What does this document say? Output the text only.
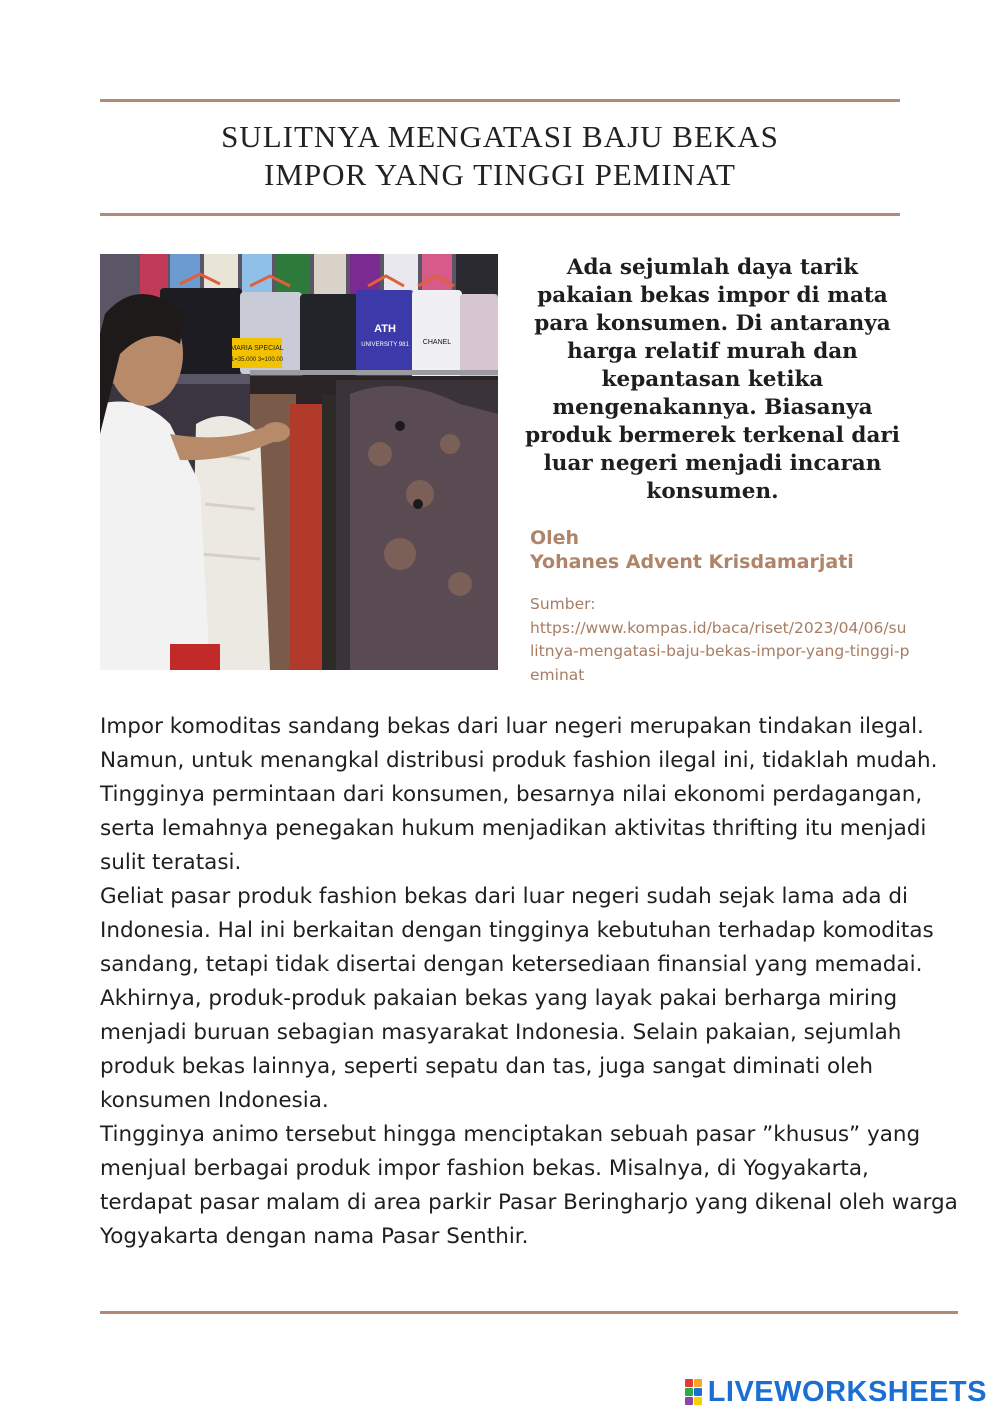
SULITNYA MENGATASI BAJU BEKAS
IMPOR YANG TINGGI PEMINAT
MARIA SPECIAL
1=35.000 3=100.00
ATH
UNIVERSITY 981 CHANEL
Ada sejumlah daya tarik pakaian bekas impor di mata para konsumen. Di antaranya harga relatif murah dan kepantasan ketika mengenakannya. Biasanya produk bermerek terkenal dari luar negeri menjadi incaran konsumen.
Oleh
Yohanes Advent Krisdamarjati
Sumber:
https://www.kompas.id/baca/riset/2023/04/06/sulitnya-mengatasi-baju-bekas-impor-yang-tinggi-peminat

Impor komoditas sandang bekas dari luar negeri merupakan tindakan ilegal. Namun, untuk menangkal distribusi produk fashion ilegal ini, tidaklah mudah. Tingginya permintaan dari konsumen, besarnya nilai ekonomi perdagangan, serta lemahnya penegakan hukum menjadikan aktivitas thrifting itu menjadi sulit teratasi.

Geliat pasar produk fashion bekas dari luar negeri sudah sejak lama ada di Indonesia. Hal ini berkaitan dengan tingginya kebutuhan terhadap komoditas sandang, tetapi tidak disertai dengan ketersediaan finansial yang memadai. Akhirnya, produk-produk pakaian bekas yang layak pakai berharga miring menjadi buruan sebagian masyarakat Indonesia. Selain pakaian, sejumlah produk bekas lainnya, seperti sepatu dan tas, juga sangat diminati oleh konsumen Indonesia.

Tingginya animo tersebut hingga menciptakan sebuah pasar ”khusus” yang menjual berbagai produk impor fashion bekas. Misalnya, di Yogyakarta, terdapat pasar malam di area parkir Pasar Beringharjo yang dikenal oleh warga Yogyakarta dengan nama Pasar Senthir.

LIVEWORKSHEETS
